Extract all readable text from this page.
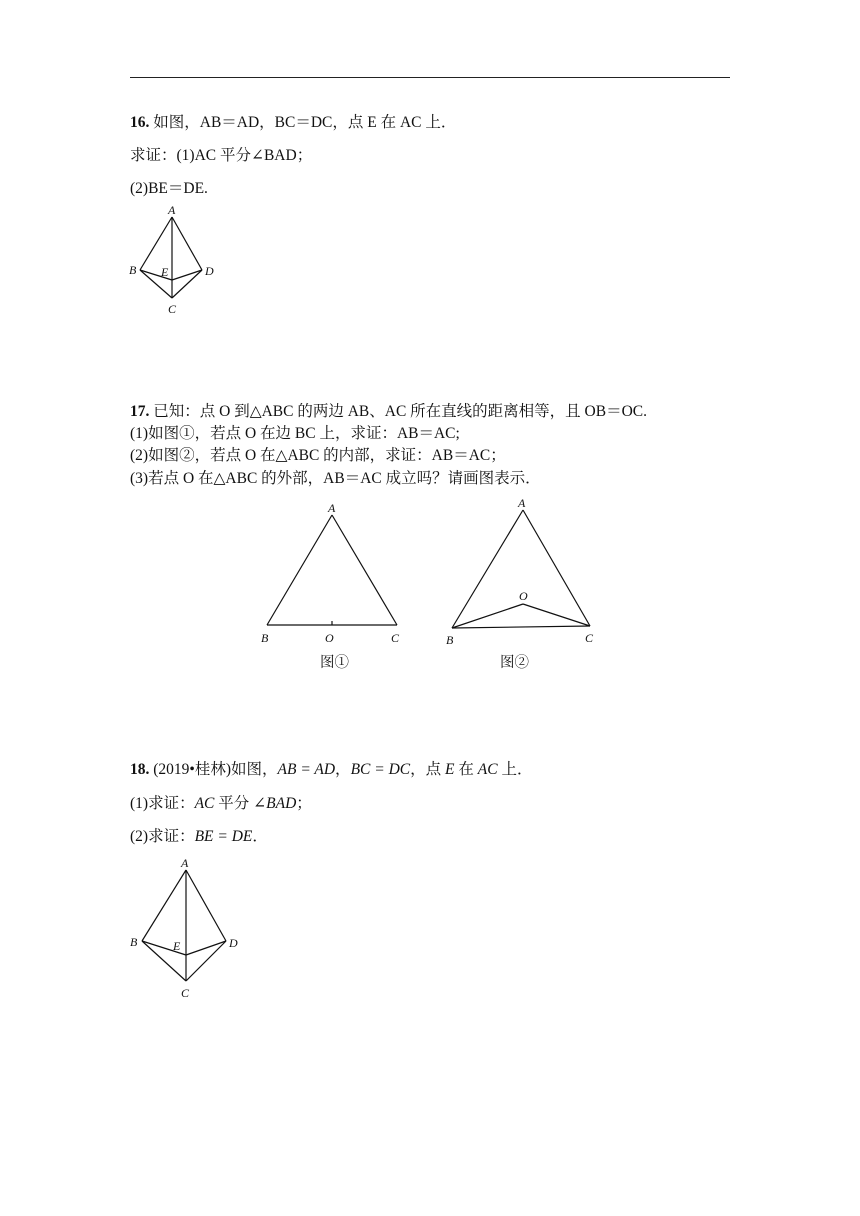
16. 如图，AB＝AD，BC＝DC，点 E 在 AC 上．
求证：(1)AC 平分∠BAD；
(2)BE＝DE.
A
B E	D
C
17. 已知：点 O 到△ABC 的两边 AB、AC 所在直线的距离相等，且 OB＝OC.
(1)如图①，若点 O 在边 BC 上，求证：AB＝AC;
(2)如图②，若点 O 在△ABC 的内部，求证：AB＝AC；
(3)若点 O 在△ABC 的外部，AB＝AC 成立吗？请画图表示．
A
B	O	C
图①
A
O
B	C
图②
18. (2019•桂林)如图，AB = AD，BC = DC，点 E 在 AC 上．
(1)求证：AC 平分 ∠BAD；
(2)求证：BE = DE．
A
B	E	D
C
